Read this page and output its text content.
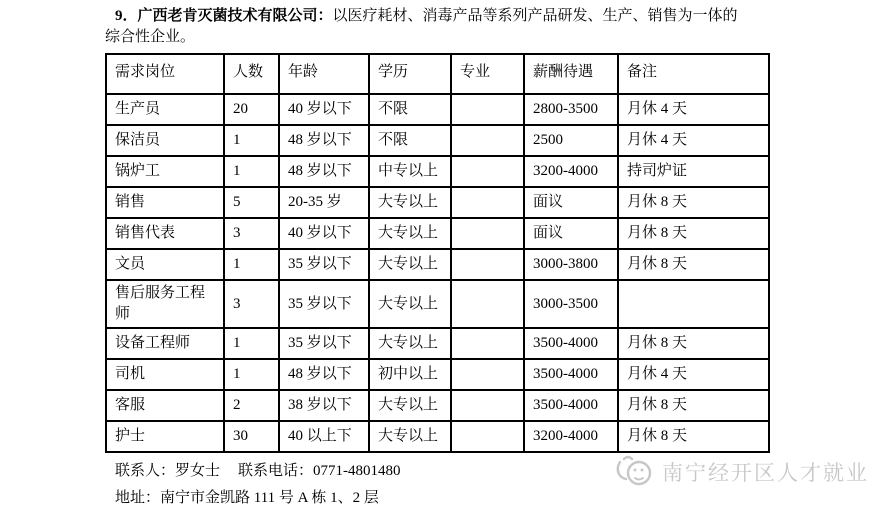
9．广西老肯灭菌技术有限公司：以医疗耗材、消毒产品等系列产品研发、生产、销售为一体的综合性企业。

需求岗位	人数	年龄	学历	专业	薪酬待遇	备注
生产员	20	40 岁以下	不限		2800-3500	月休 4 天
保洁员	1	48 岁以下	不限		2500	月休 4 天
锅炉工	1	48 岁以下	中专以上		3200-4000	持司炉证
销售	5	20-35 岁	大专以上		面议	月休 8 天
销售代表	3	40 岁以下	大专以上		面议	月休 8 天
文员	1	35 岁以下	大专以上		3000-3800	月休 8 天
售后服务工程师	3	35 岁以下	大专以上		3000-3500	
设备工程师	1	35 岁以下	大专以上		3500-4000	月休 8 天
司机	1	48 岁以下	初中以上		3500-4000	月休 4 天
客服	2	38 岁以下	大专以上		3500-4000	月休 8 天
护士	30	40 以上下	大专以上		3200-4000	月休 8 天

联系人：罗女士 联系电话：0771-4801480

地址：南宁市金凯路 111 号 A 栋 1、2 层

南宁经开区人才就业
